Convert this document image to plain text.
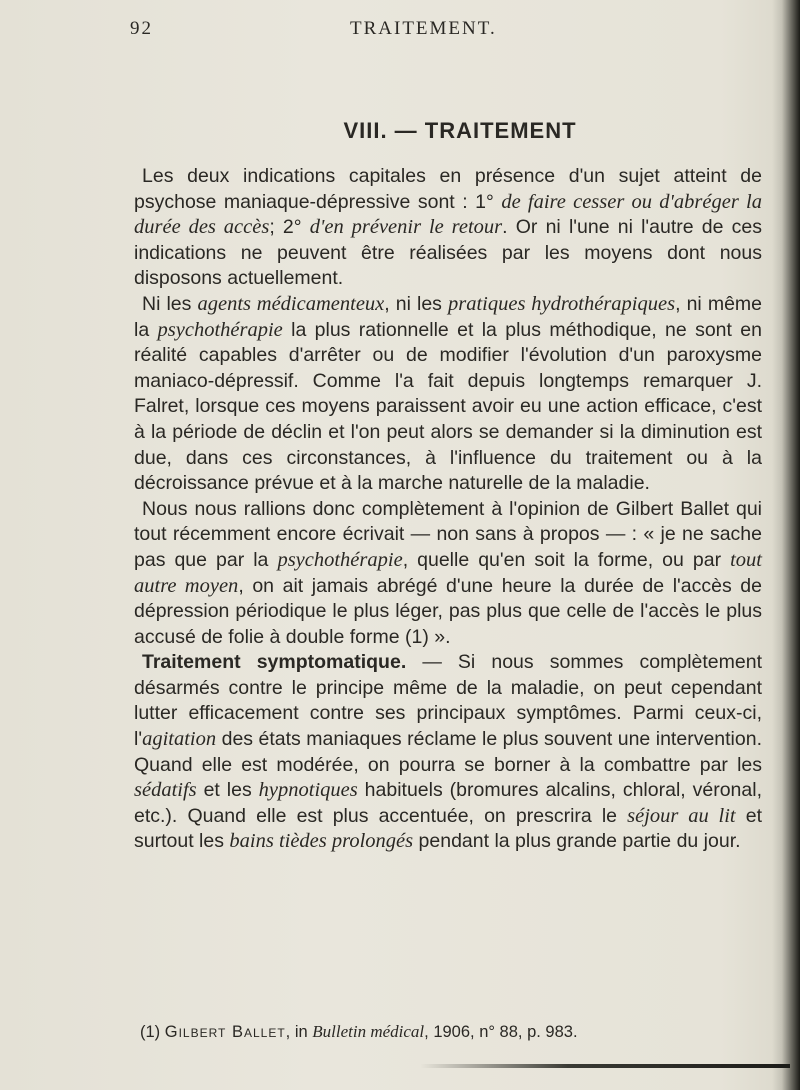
92	TRAITEMENT.
VIII. — TRAITEMENT

Les deux indications capitales en présence d'un sujet atteint de psychose maniaque-dépressive sont : 1° de faire cesser ou d'abréger la durée des accès; 2° d'en prévenir le retour. Or ni l'une ni l'autre de ces indications ne peuvent être réalisées par les moyens dont nous disposons actuellement.

Ni les agents médicamenteux, ni les pratiques hydrothérapiques, ni même la psychothérapie la plus rationnelle et la plus méthodique, ne sont en réalité capables d'arrêter ou de modifier l'évolution d'un paroxysme maniaco-dépressif. Comme l'a fait depuis longtemps remarquer J. Falret, lorsque ces moyens paraissent avoir eu une action efficace, c'est à la période de déclin et l'on peut alors se demander si la diminution est due, dans ces circonstances, à l'influence du traitement ou à la décroissance prévue et à la marche naturelle de la maladie.

Nous nous rallions donc complètement à l'opinion de Gilbert Ballet qui tout récemment encore écrivait — non sans à propos — : « je ne sache pas que par la psychothérapie, quelle qu'en soit la forme, ou par tout autre moyen, on ait jamais abrégé d'une heure la durée de l'accès de dépression périodique le plus léger, pas plus que celle de l'accès le plus accusé de folie à double forme (1) ».

Traitement symptomatique. — Si nous sommes complètement désarmés contre le principe même de la maladie, on peut cependant lutter efficacement contre ses principaux symptômes. Parmi ceux-ci, l'agitation des états maniaques réclame le plus souvent une intervention. Quand elle est modérée, on pourra se borner à la combattre par les sédatifs et les hypnotiques habituels (bromures alcalins, chloral, véronal, etc.). Quand elle est plus accentuée, on prescrira le séjour au lit et surtout les bains tièdes prolongés pendant la plus grande partie du jour.

(1) Gilbert Ballet, in Bulletin médical, 1906, n° 88, p. 983.
